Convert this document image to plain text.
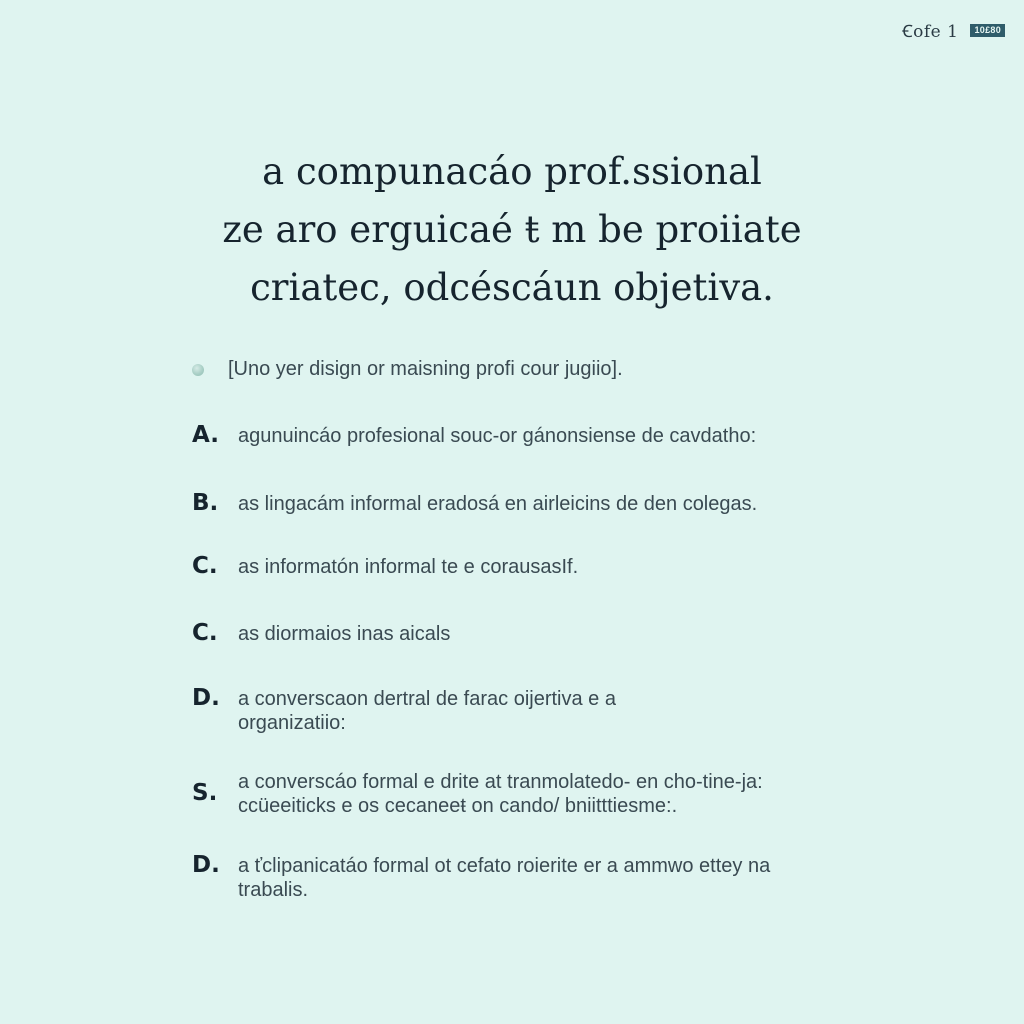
Ꞓofe 1	10£80
a compunacáo prof.ssional
ze aro erguicaé ŧ m be proiiate
criatec, odcéscáun objetiva.
[Uno yer disign or maisning profi cour jugiio].
A. agunuincáo profesional souc-or gánonsiense de cavdatho:
B. as lingacám informal eradosá en airleicins de den colegas.
C.	as informatón informal te e corausasIf.
C.	as diormaios inas aicals
D. a converscaon dertral de farac oijertiva e a
organizatiio:
S.	a converscáo formal e drite at tranmolatedo- en cho-tine-ja:
ccüeeiticks e os cecaneeŧ on cando/ bniitttiesme:.
D. a ťclipanicatáo formal ot cefato roierite er a ammwo ettey na
trabalis.
